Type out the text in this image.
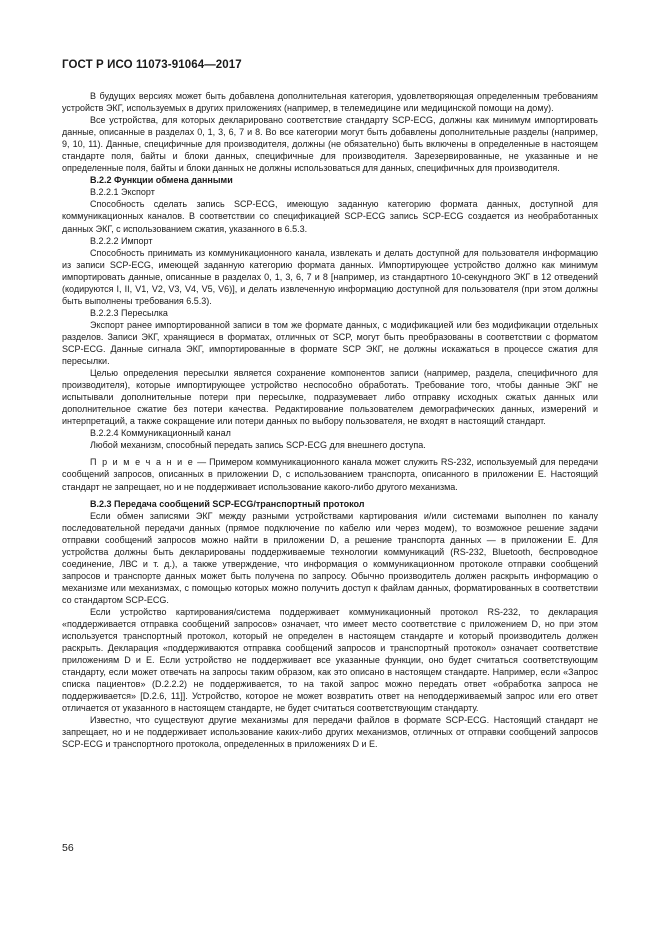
ГОСТ Р ИСО 11073-91064—2017

В будущих версиях может быть добавлена дополнительная категория, удовлетворяющая определенным требованиям устройств ЭКГ, используемых в других приложениях (например, в телемедицине или медицинской помощи на дому).

Все устройства, для которых декларировано соответствие стандарту SCP-ECG, должны как минимум импортировать данные, описанные в разделах 0, 1, 3, 6, 7 и 8. Во все категории могут быть добавлены дополнительные разделы (например, 9, 10, 11). Данные, специфичные для производителя, должны (не обязательно) быть включены в определенные в настоящем стандарте поля, байты и блоки данных, специфичные для производителя. Зарезервированные, не указанные и не определенные поля, байты и блоки данных не должны использоваться для данных, специфичных для производителя.

B.2.2 Функции обмена данными

B.2.2.1 Экспорт

Способность сделать запись SCP-ECG, имеющую заданную категорию формата данных, доступной для коммуникационных каналов. В соответствии со спецификацией SCP-ECG запись SCP-ECG создается из необработанных данных ЭКГ, с использованием сжатия, указанного в 6.5.3.

B.2.2.2 Импорт

Способность принимать из коммуникационного канала, извлекать и делать доступной для пользователя информацию из записи SCP-ECG, имеющей заданную категорию формата данных. Импортирующее устройство должно как минимум импортировать данные, описанные в разделах 0, 1, 3, 6, 7 и 8 [например, из стандартного 10-секундного ЭКГ в 12 отведений (кодируются I, II, V1, V2, V3, V4, V5, V6)], и делать извлеченную информацию доступной для пользователя (при этом должны быть выполнены требования 6.5.3).

B.2.2.3 Пересылка

Экспорт ранее импортированной записи в том же формате данных, с модификацией или без модификации отдельных разделов. Записи ЭКГ, хранящиеся в форматах, отличных от SCP, могут быть преобразованы в соответствии с форматом SCP-ECG. Данные сигнала ЭКГ, импортированные в формате SCP ЭКГ, не должны искажаться в процессе сжатия для пересылки.

Целью определения пересылки является сохранение компонентов записи (например, раздела, специфичного для производителя), которые импортирующее устройство неспособно обработать. Требование того, чтобы данные ЭКГ не испытывали дополнительные потери при пересылке, подразумевает либо отправку исходных сжатых данных или дополнительное сжатие без потери качества. Редактирование пользователем демографических данных, измерений и интерпретаций, а также сокращение или потери данных по выбору пользователя, не входят в настоящий стандарт.

B.2.2.4 Коммуникационный канал

Любой механизм, способный передать запись SCP-ECG для внешнего доступа.

П р и м е ч а н и е — Примером коммуникационного канала может служить RS-232, используемый для передачи сообщений запросов, описанных в приложении D, с использованием транспорта, описанного в приложении E. Настоящий стандарт не запрещает, но и не поддерживает использование какого-либо другого механизма.

B.2.3 Передача сообщений SCP-ECG/транспортный протокол

Если обмен записями ЭКГ между разными устройствами картирования и/или системами выполнен по каналу последовательной передачи данных (прямое подключение по кабелю или через модем), то возможное решение задачи отправки сообщений запросов можно найти в приложении D, а решение транспорта данных — в приложении E. Для устройства должны быть декларированы поддерживаемые технологии коммуникаций (RS-232, Bluetooth, беспроводное соединение, ЛВС и т. д.), а также утверждение, что информация о коммуникационном протоколе отправки сообщений запросов и транспорте данных может быть получена по запросу. Обычно производитель должен раскрыть информацию о механизме или механизмах, с помощью которых можно получить доступ к файлам данных, форматированных в соответствии со стандартом SCP-ECG.

Если устройство картирования/система поддерживает коммуникационный протокол RS-232, то декларация «поддерживается отправка сообщений запросов» означает, что имеет место соответствие с приложением D, но при этом используется транспортный протокол, который не определен в настоящем стандарте и который производитель должен раскрыть. Декларация «поддерживаются отправка сообщений запросов и транспортный протокол» означает соответствие приложениям D и E. Если устройство не поддерживает все указанные функции, оно будет считаться соответствующим стандарту, если может отвечать на запросы таким образом, как это описано в настоящем стандарте. Например, если «Запрос списка пациентов» (D.2.2.2) не поддерживается, то на такой запрос можно передать ответ «обработка запроса не поддерживается» [D.2.6, 11]]. Устройство, которое не может возвратить ответ на неподдерживаемый запрос или его ответ отличается от указанного в настоящем стандарте, не будет считаться соответствующим стандарту.

Известно, что существуют другие механизмы для передачи файлов в формате SCP-ECG. Настоящий стандарт не запрещает, но и не поддерживает использование каких-либо других механизмов, отличных от отправки сообщений запросов SCP-ECG и транспортного протокола, определенных в приложениях D и E.

56
